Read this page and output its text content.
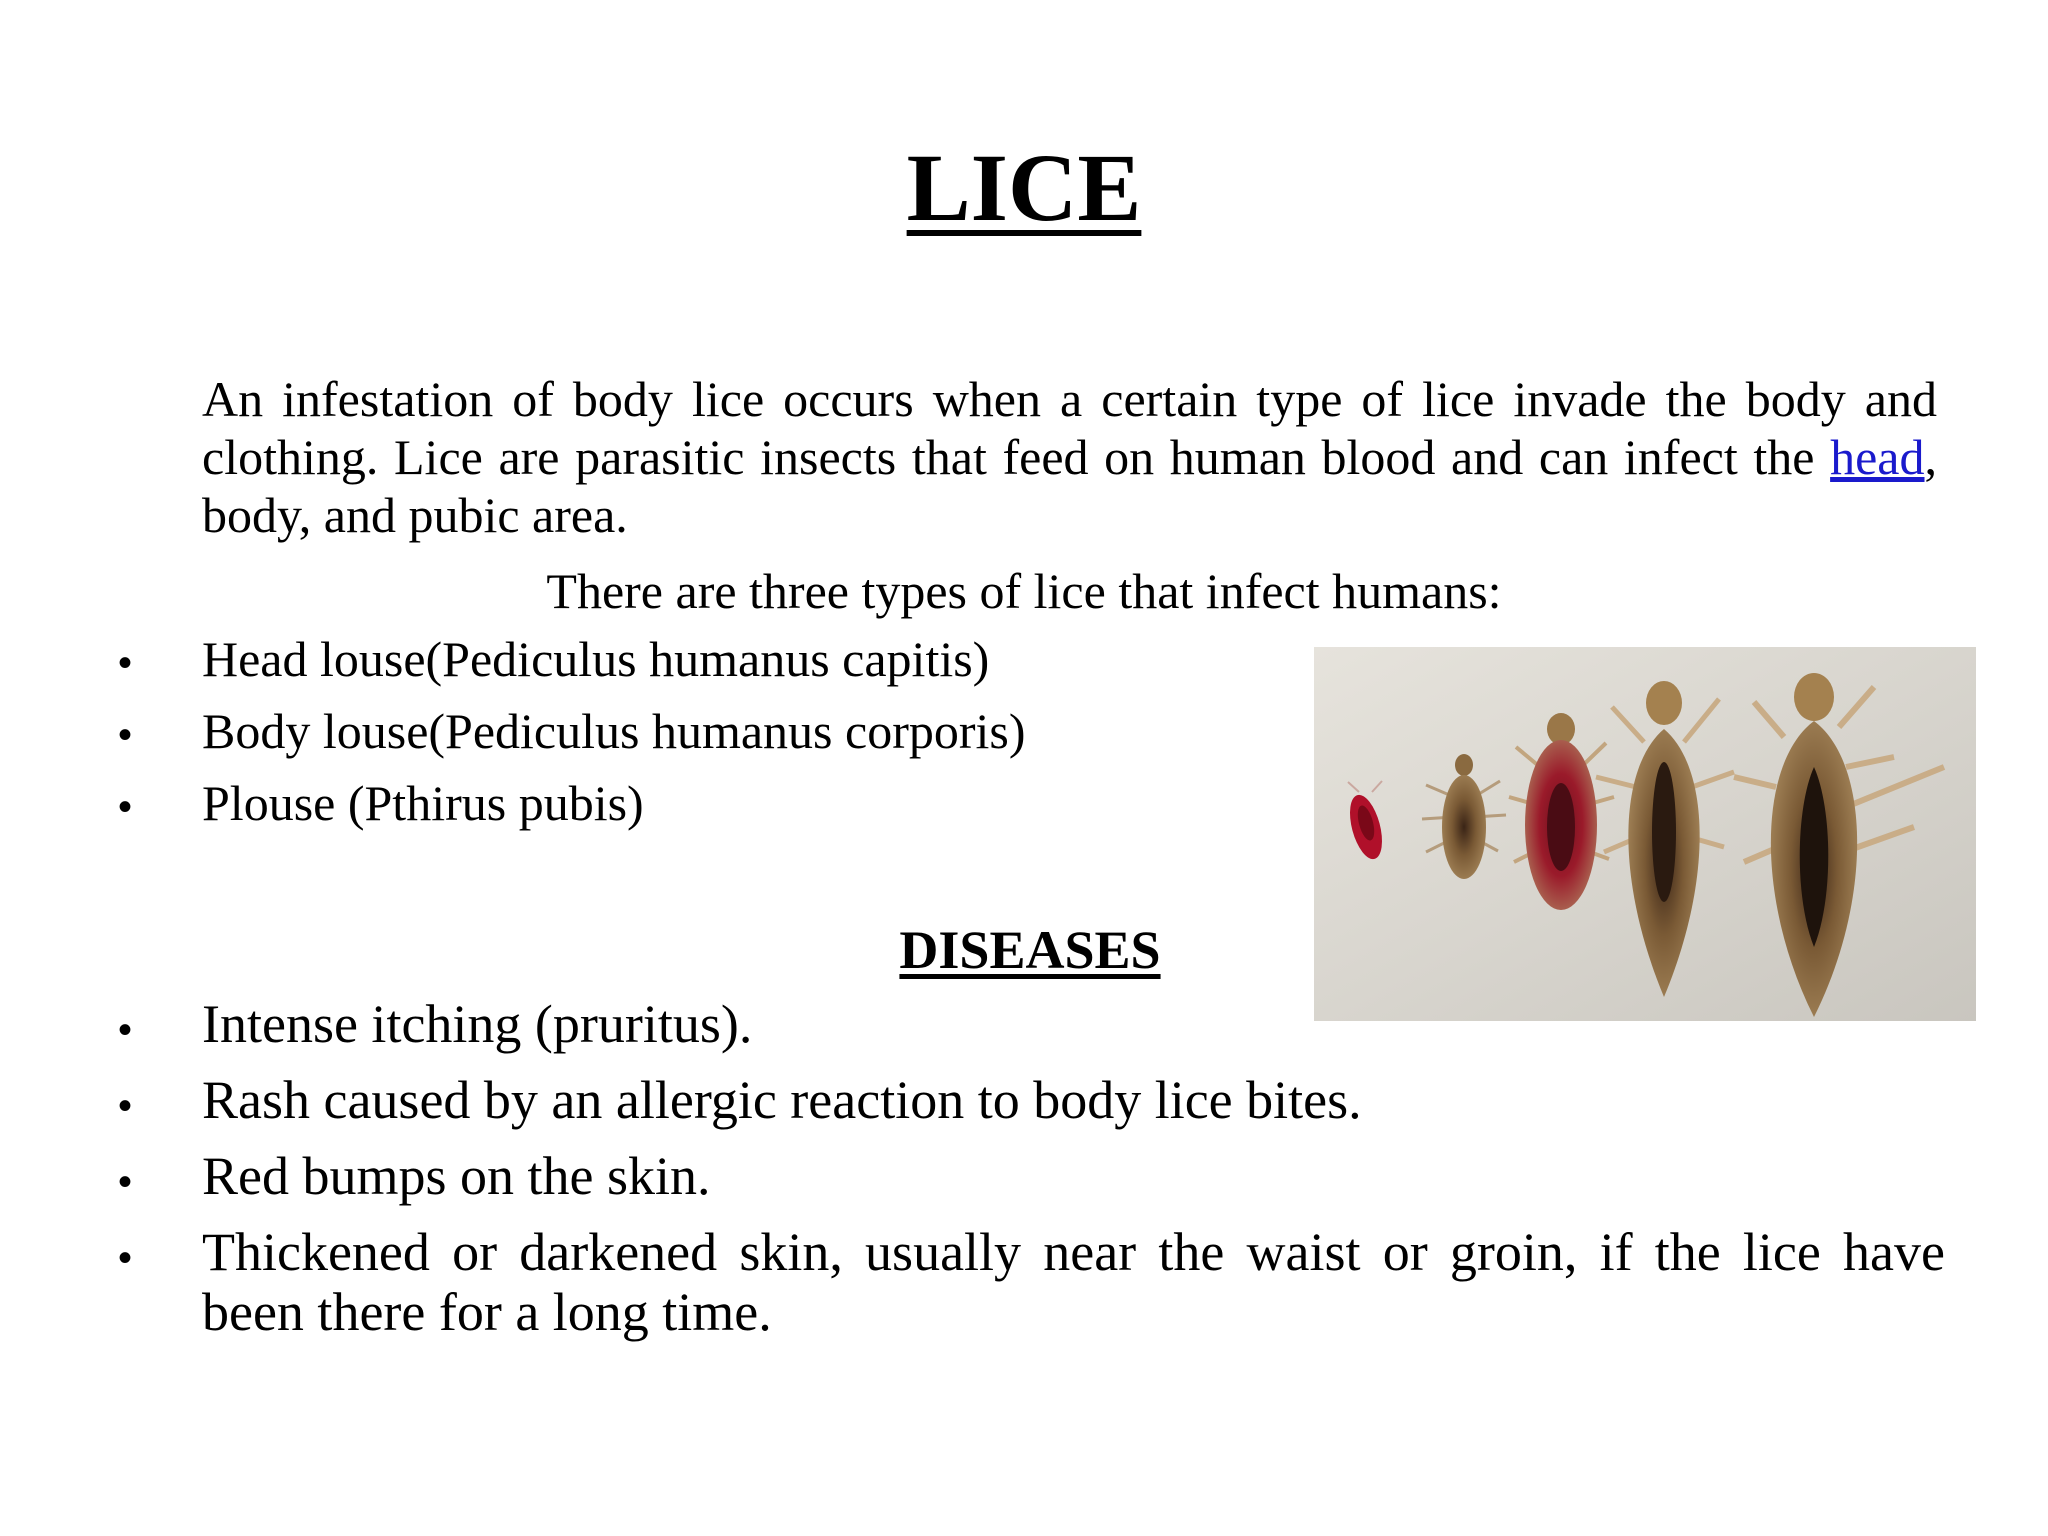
LICE
An infestation of body lice occurs when a certain type of lice invade the body and clothing. Lice are parasitic insects that feed on human blood and can infect the head, body, and pubic area.
There are three types of lice that infect humans:
• Head louse(Pediculus humanus capitis)
• Body louse(Pediculus humanus corporis)
• Plouse (Pthirus pubis)
DISEASES
• Intense itching (pruritus).
• Rash caused by an allergic reaction to body lice bites.
• Red bumps on the skin.
• Thickened or darkened skin, usually near the waist or groin, if the lice have been there for a long time.
